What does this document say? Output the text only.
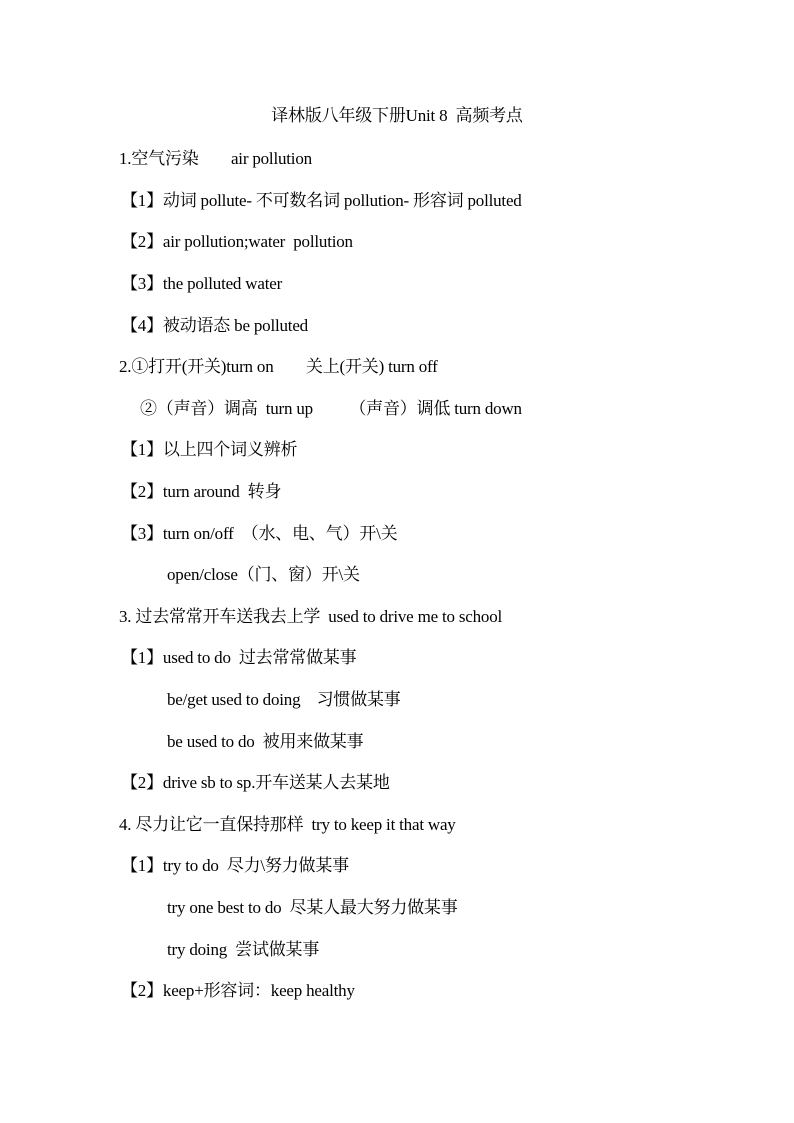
译林版八年级下册Unit 8  高频考点
1.空气污染        air pollution
【1】动词 pollute- 不可数名词 pollution- 形容词 polluted
【2】air pollution;water  pollution
【3】the polluted water
【4】被动语态 be polluted
2.①打开(开关)turn on        关上(开关) turn off
②（声音）调高  turn up         （声音）调低 turn down
【1】以上四个词义辨析
【2】turn around  转身
【3】turn on/off  （水、电、气）开\关
open/close（门、窗）开\关
3. 过去常常开车送我去上学  used to drive me to school
【1】used to do  过去常常做某事
be/get used to doing    习惯做某事
be used to do  被用来做某事
【2】drive sb to sp.开车送某人去某地
4. 尽力让它一直保持那样  try to keep it that way
【1】try to do  尽力\努力做某事
try one best to do  尽某人最大努力做某事
try doing  尝试做某事
【2】keep+形容词：keep healthy
